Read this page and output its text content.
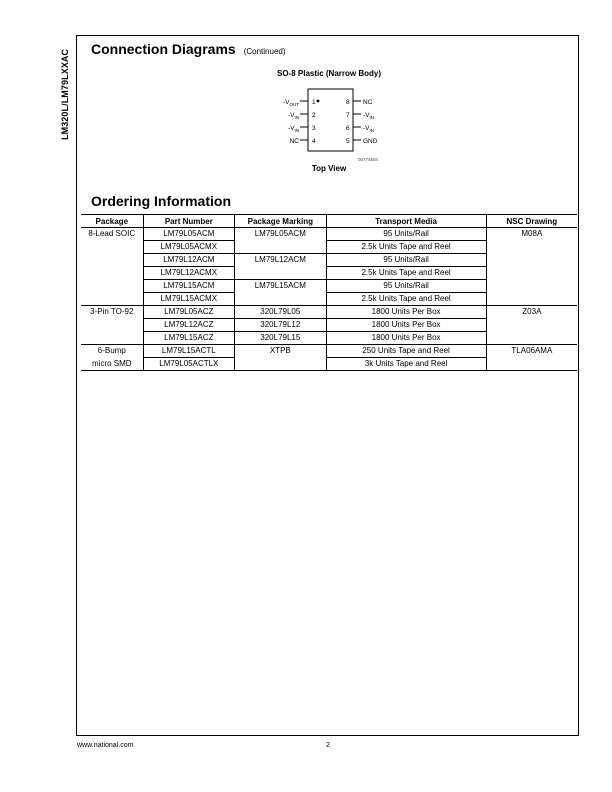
LM320L/LM79LXXAC Connection Diagrams (Continued)
SO-8 Plastic (Narrow Body)
1
2
3
4
8
7
6
5
$-V_{OUT}$
$-V_{IN}$
$-V_{IN}$
NC
NC
$-V_{IN}$
$-V_{IN}$
GND
00774604
Top View
Ordering Information
Package	Part Number	Package Marking	Transport Media	NSC Drawing
8-Lead SOIC	LM79L05ACM	LM79L05ACM	95 Units/Rail	M08A
	LM79L05ACMX		2.5k Units Tape and Reel	
	LM79L12ACM	LM79L12ACM	95 Units/Rail	
	LM79L12ACMX		2.5k Units Tape and Reel	
	LM79L15ACM	LM79L15ACM	95 Units/Rail	
	LM79L15ACMX		2.5k Units Tape and Reel	
3-Pin TO-92	LM79L05ACZ	320L79L05	1800 Units Per Box	Z03A
	LM79L12ACZ	320L79L12	1800 Units Per Box	
	LM79L15ACZ	320L79L15	1800 Units Per Box	
6-Bump	LM79L15ACTL	XTPB	250 Units Tape and Reel	TLA06AMA
micro SMD	LM79L05ACTLX		3k Units Tape and Reel	
www.national.com	2
